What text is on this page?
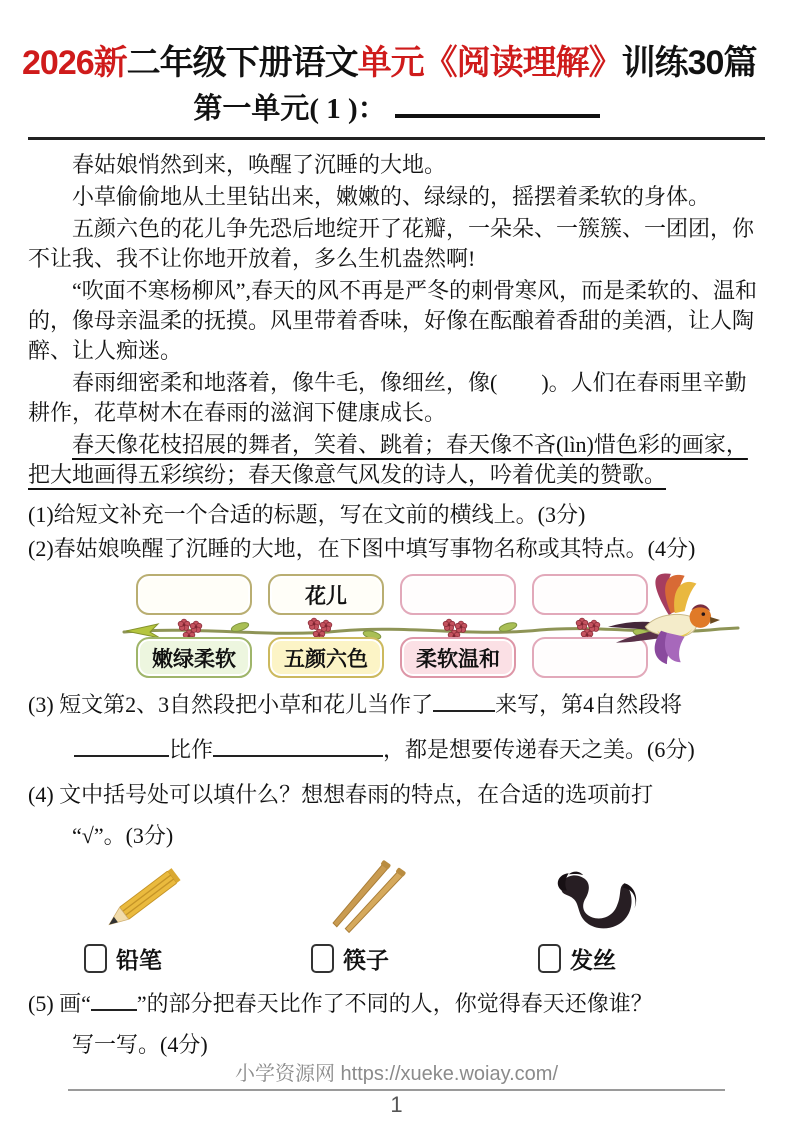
2026新二年级下册语文单元《阅读理解》训练30篇
第一单元( 1 )：

春姑娘悄然到来，唤醒了沉睡的大地。

小草偷偷地从土里钻出来，嫩嫩的、绿绿的，摇摆着柔软的身体。

五颜六色的花儿争先恐后地绽开了花瓣，一朵朵、一簇簇、一团团，你不让我、我不让你地开放着，多么生机盎然啊!

“吹面不寒杨柳风”,春天的风不再是严冬的刺骨寒风，而是柔软的、温和的，像母亲温柔的抚摸。风里带着香味，好像在酝酿着香甜的美酒，让人陶醉、让人痴迷。

春雨细密柔和地落着，像牛毛，像细丝，像(　　)。人们在春雨里辛勤耕作，花草树木在春雨的滋润下健康成长。

春天像花枝招展的舞者，笑着、跳着；春天像不吝(lìn)惜色彩的画家，把大地画得五彩缤纷；春天像意气风发的诗人，吟着优美的赞歌。

(1)给短文补充一个合适的标题，写在文前的横线上。(3分)

(2)春姑娘唤醒了沉睡的大地，在下图中填写事物名称或其特点。(4分)

嫩绿柔软
花儿
五颜六色	柔软温和
(3) 短文第2、3自然段把小草和花儿当作了	来写，第4自然段将
比作	，都是想要传递春天之美。(6分)
(4) 文中括号处可以填什么？想想春雨的特点，在合适的选项前打
“√”。(3分)
铅笔	筷子	发丝
(5) 画“ ”的部分把春天比作了不同的人，你觉得春天还像谁？
写一写。(4分)
小学资源网 https://xueke.woiay.com/
1
